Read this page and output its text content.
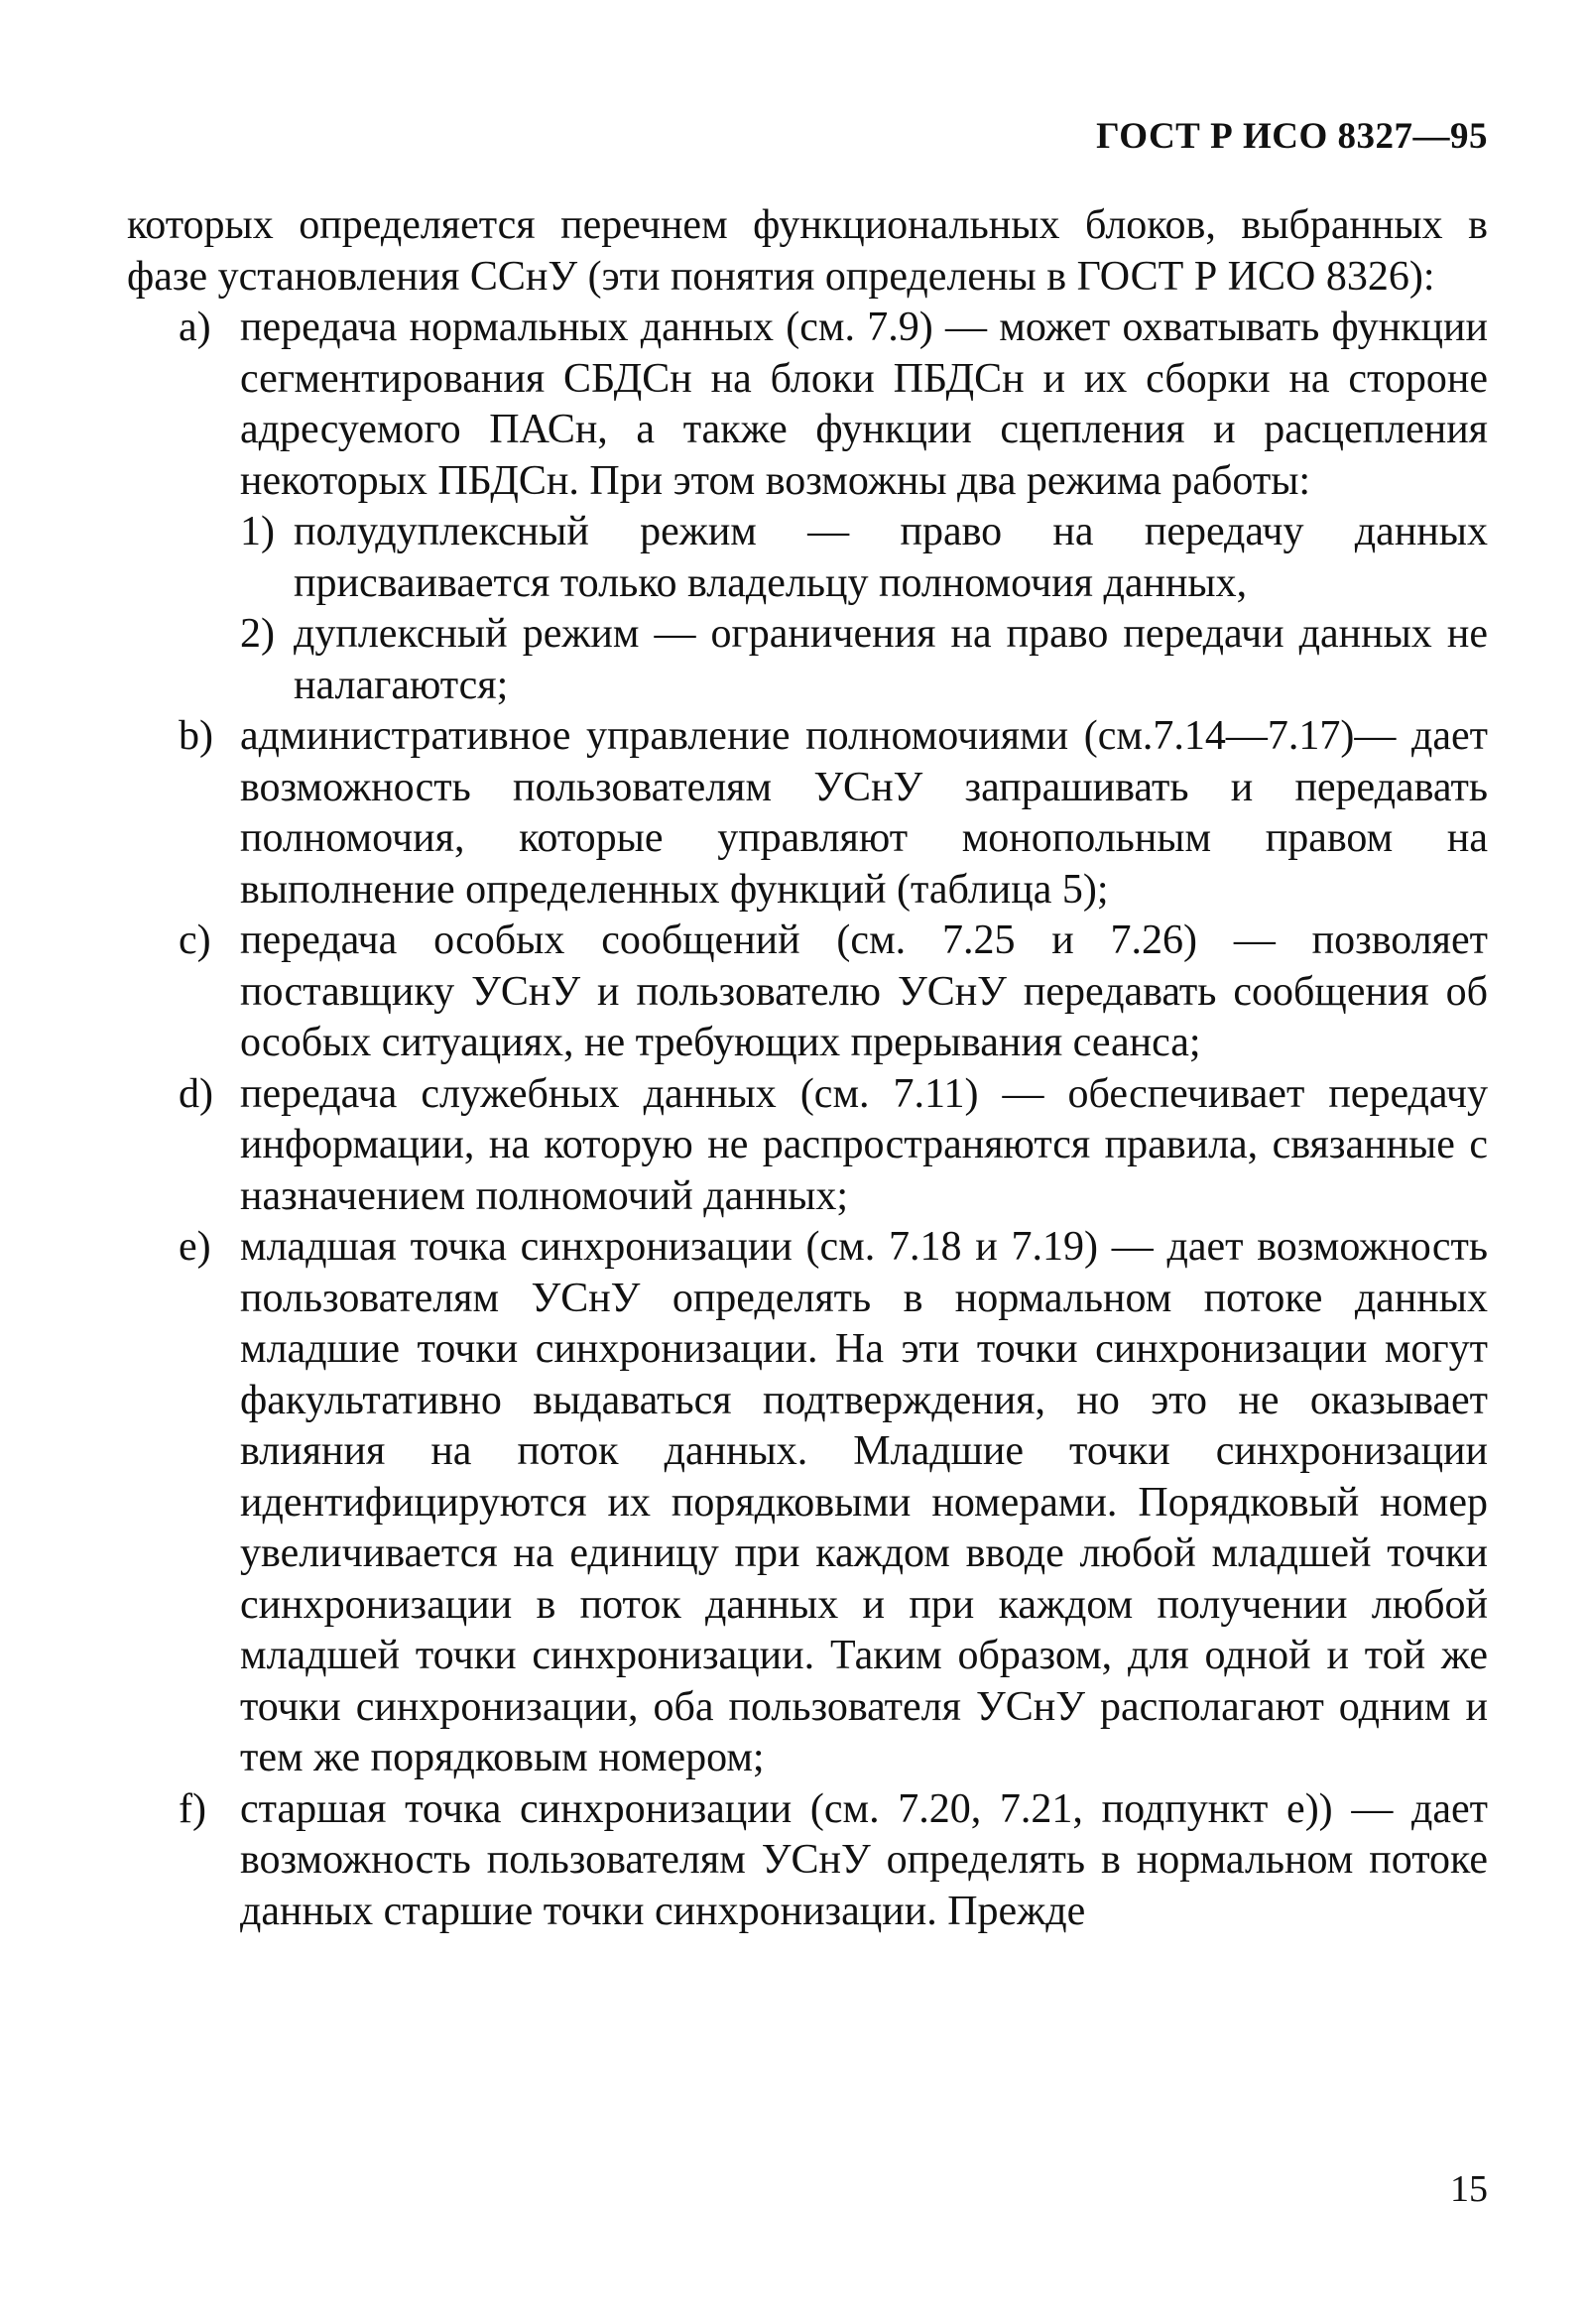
ГОСТ Р ИСО 8327—95

которых определяется перечнем функциональных блоков, выбранных в фазе установления ССнУ (эти понятия определены в ГОСТ Р ИСО 8326):

a) передача нормальных данных (см. 7.9) — может охватывать функции сегментирования СБДСн на блоки ПБДСн и их сборки на стороне адресуемого ПАСн, а также функции сцепления и расцепления некоторых ПБДСн. При этом возможны два режима работы:
1) полудуплексный режим — право на передачу данных присваивается только владельцу полномочия данных,
2) дуплексный режим — ограничения на право передачи данных не налагаются;
b) административное управление полномочиями (см.7.14—7.17)— дает возможность пользователям УСнУ запрашивать и передавать полномочия, которые управляют монопольным правом на выполнение определенных функций (таблица 5);
c) передача особых сообщений (см. 7.25 и 7.26) — позволяет поставщику УСнУ и пользователю УСнУ передавать сообщения об особых ситуациях, не требующих прерывания сеанса;
d) передача служебных данных (см. 7.11) — обеспечивает передачу информации, на которую не распространяются правила, связанные с назначением полномочий данных;
e) младшая точка синхронизации (см. 7.18 и 7.19) — дает возможность пользователям УСнУ определять в нормальном потоке данных младшие точки синхронизации. На эти точки синхронизации могут факультативно выдаваться подтверждения, но это не оказывает влияния на поток данных. Младшие точки синхронизации идентифицируются их порядковыми номерами. Порядковый номер увеличивается на единицу при каждом вводе любой младшей точки синхронизации в поток данных и при каждом получении любой младшей точки синхронизации. Таким образом, для одной и той же точки синхронизации, оба пользователя УСнУ располагают одним и тем же порядковым номером;
f) старшая точка синхронизации (см. 7.20, 7.21, подпункт е)) — дает возможность пользователям УСнУ определять в нормальном потоке данных старшие точки синхронизации. Прежде
15
